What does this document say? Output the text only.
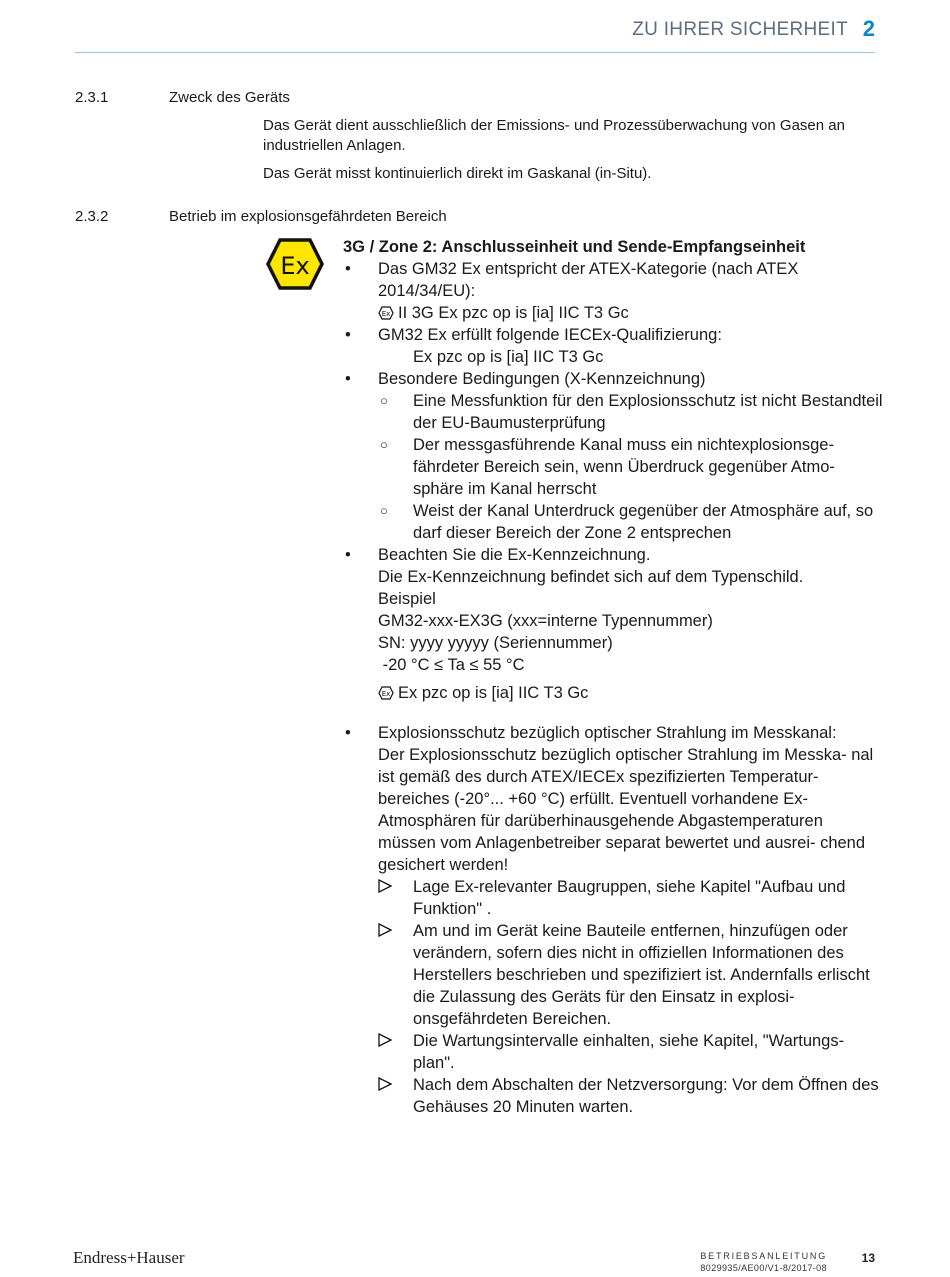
ZU IHRER SICHERHEIT 2
2.3.1	Zweck des Geräts
Das Gerät dient ausschließlich der Emissions- und Prozessüberwachung von Gasen an industriellen Anlagen.
Das Gerät misst kontinuierlich direkt im Gaskanal (in-Situ).
2.3.2	Betrieb im explosionsgefährdeten Bereich
Ex
3G / Zone 2: Anschlusseinheit und Sende-Empfangseinheit
• Das GM32 Ex entspricht der ATEX-Kategorie (nach ATEX 2014/34/EU):
Ex II 3G Ex pzc op is [ia] IIC T3 Gc
• GM32 Ex erfüllt folgende IECEx-Qualifizierung:
Ex pzc op is [ia] IIC T3 Gc
• Besondere Bedingungen (X-Kennzeichnung)
○ Eine Messfunktion für den Explosionsschutz ist nicht Bestandteil der EU-Baumusterprüfung
○ Der messgasführende Kanal muss ein nichtexplosionsge- fährdeter Bereich sein, wenn Überdruck gegenüber Atmo- sphäre im Kanal herrscht
○ Weist der Kanal Unterdruck gegenüber der Atmosphäre auf, so darf dieser Bereich der Zone 2 entsprechen
• Beachten Sie die Ex-Kennzeichnung.
Die Ex-Kennzeichnung befindet sich auf dem Typenschild.
Beispiel
GM32-xxx-EX3G (xxx=interne Typennummer)
SN: yyyy yyyyy (Seriennummer)
-20 °C ≤ Ta ≤ 55 °C
Ex Ex pzc op is [ia] IIC T3 Gc
• Explosionsschutz bezüglich optischer Strahlung im Messkanal:
Der Explosionsschutz bezüglich optischer Strahlung im Messka- nal ist gemäß des durch ATEX/IECEx spezifizierten Temperatur- bereiches (-20°... +60 °C) erfüllt. Eventuell vorhandene Ex- Atmosphären für darüberhinausgehende Abgastemperaturen müssen vom Anlagenbetreiber separat bewertet und ausrei- chend gesichert werden!
Lage Ex-relevanter Baugruppen, siehe Kapitel "Aufbau und Funktion" .
Am und im Gerät keine Bauteile entfernen, hinzufügen oder verändern, sofern dies nicht in offiziellen Informationen des Herstellers beschrieben und spezifiziert ist. Andernfalls erlischt die Zulassung des Geräts für den Einsatz in explosi- onsgefährdeten Bereichen.
Die Wartungsintervalle einhalten, siehe Kapitel, "Wartungs- plan".
Nach dem Abschalten der Netzversorgung: Vor dem Öffnen des Gehäuses 20 Minuten warten.
Endress+Hauser	BETRIEBSANLEITUNG
8029935/AE00/V1-8/2017-08
13
